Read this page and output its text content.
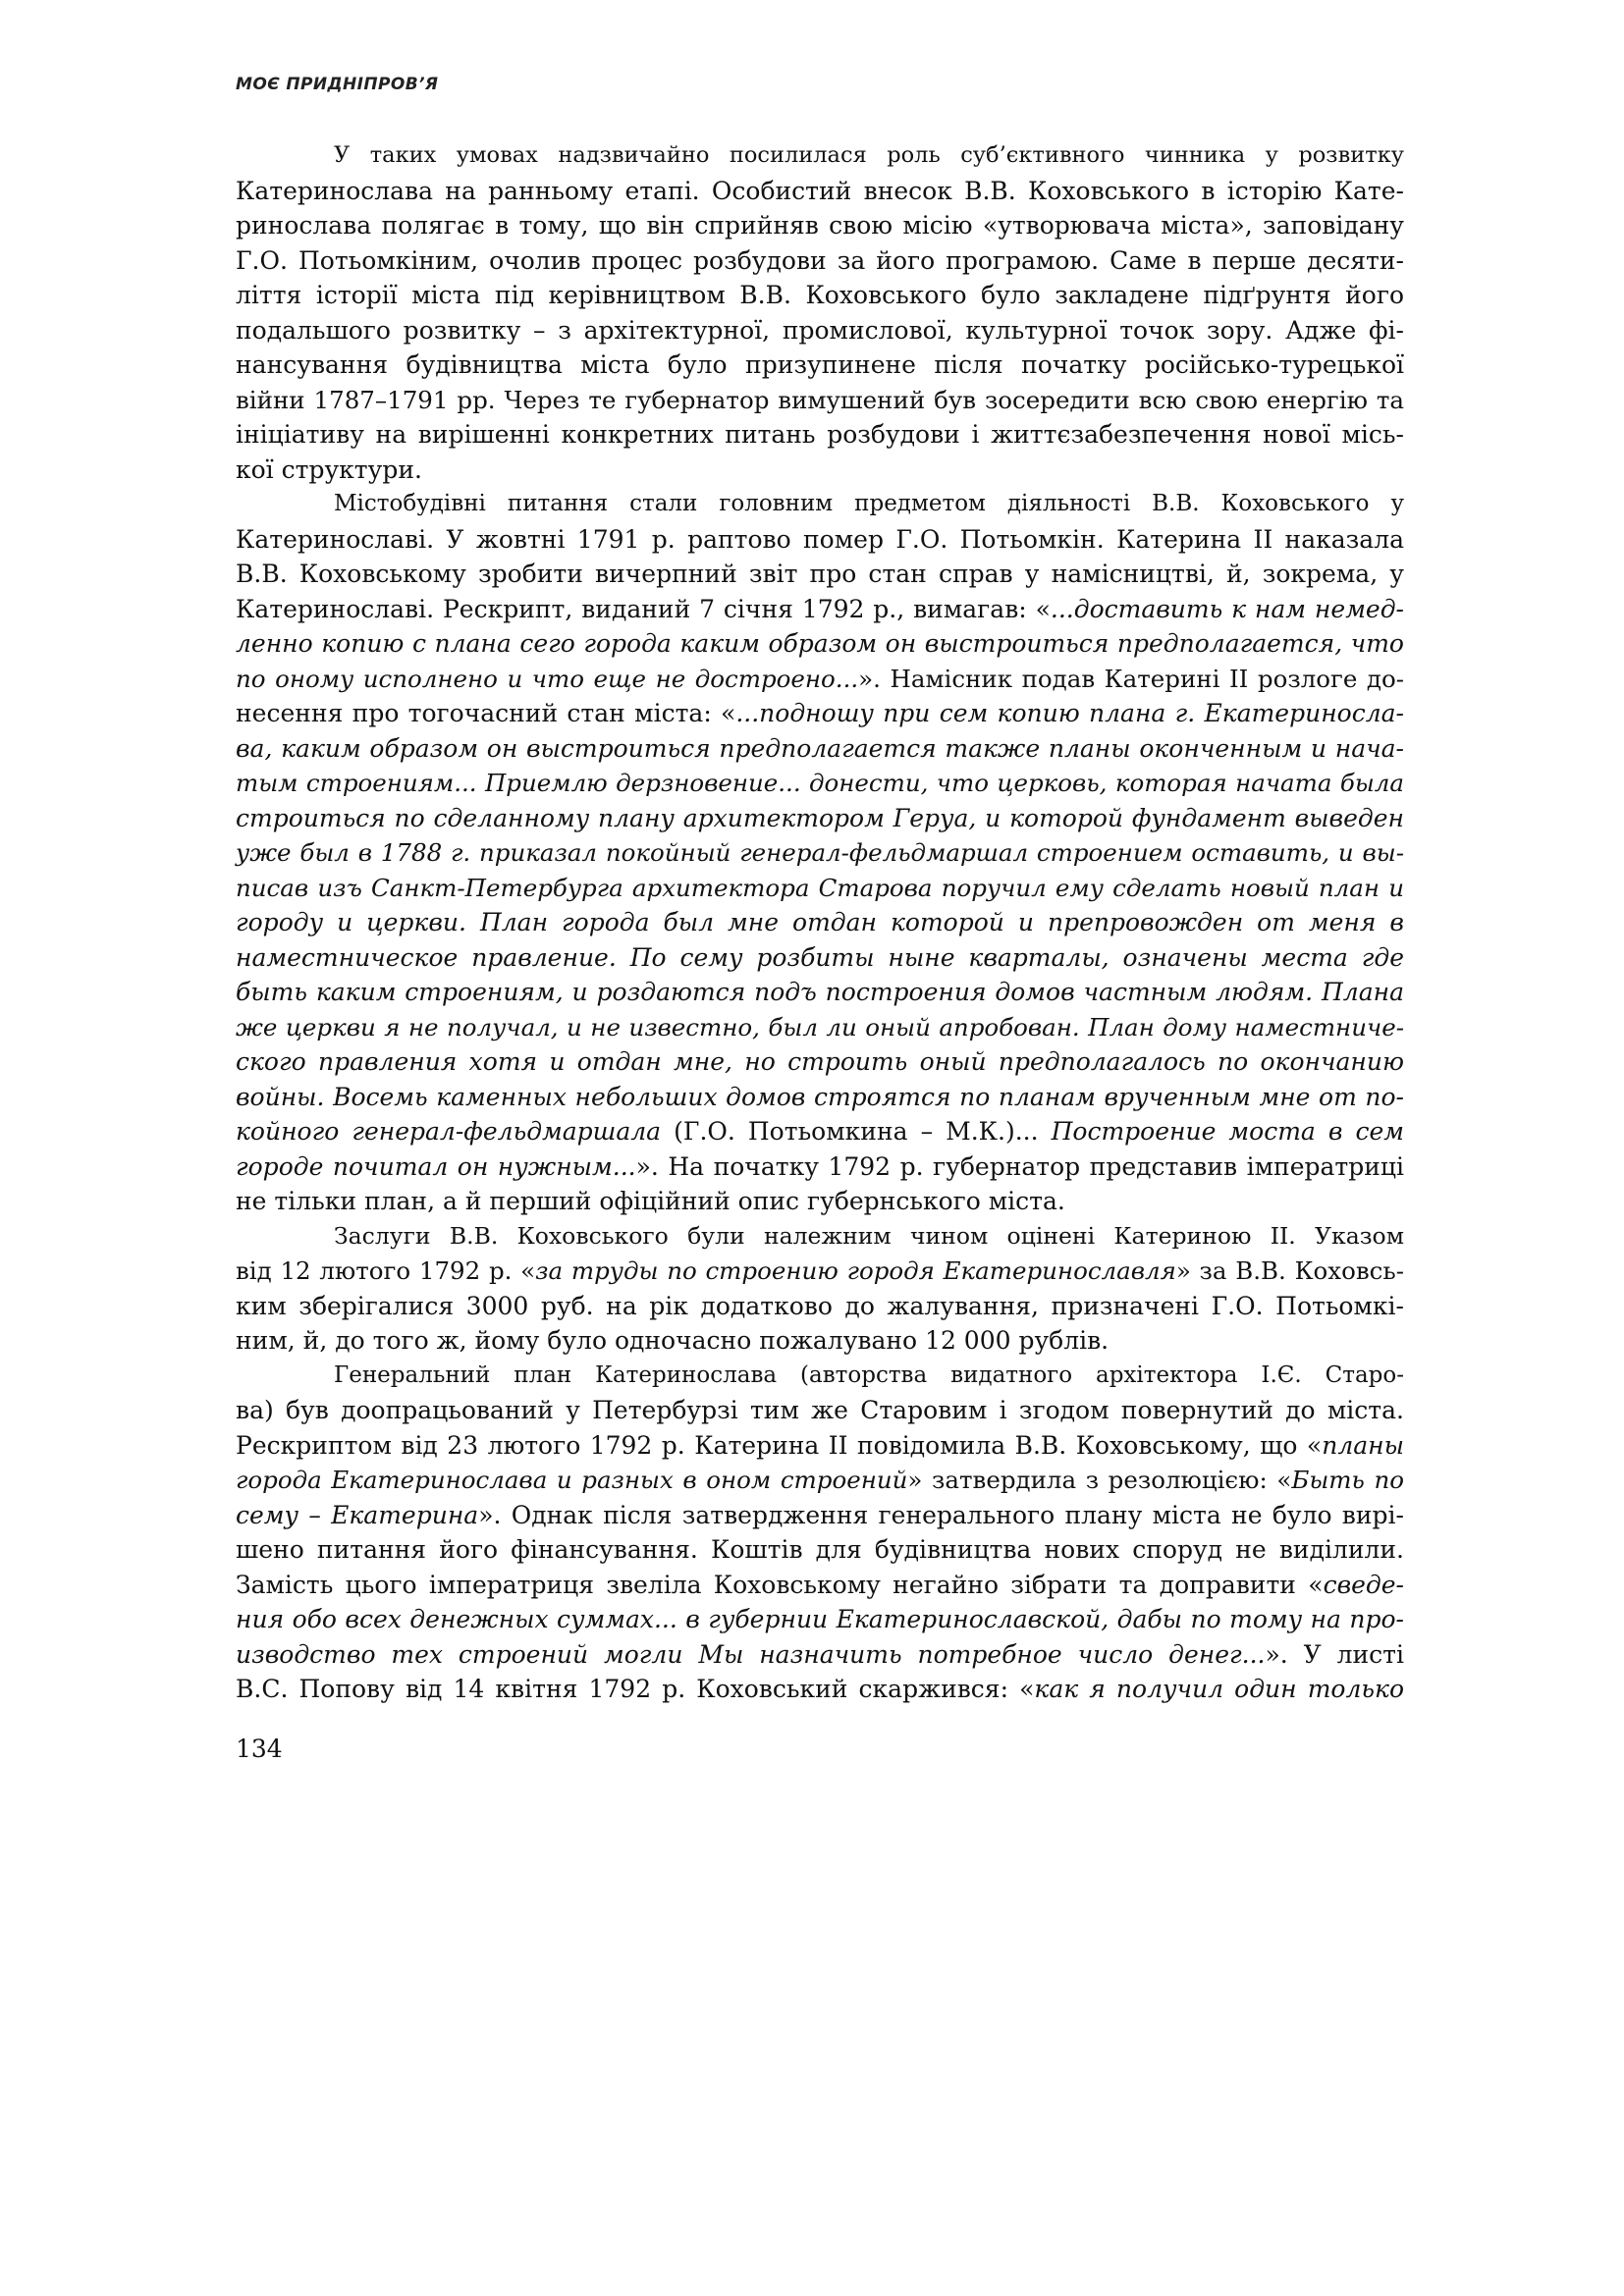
МОЄ ПРИДНІПРОВ’Я
У таких умовах надзвичайно посилилася роль суб’єктивного чинника у розвитку
Катеринослава на ранньому етапі. Особистий внесок В.В. Коховського в історію Кате-
ринослава полягає в тому, що він сприйняв свою місію «утворювача міста», заповідану
Г.О. Потьомкіним, очолив процес розбудови за його програмою. Саме в перше десяти-
ліття історії міста під керівництвом В.В. Коховського було закладене підґрунтя його
подальшого розвитку – з архітектурної, промислової, культурної точок зору. Адже фі-
нансування будівництва міста було призупинене після початку російсько-турецької
війни 1787–1791 рр. Через те губернатор вимушений був зосередити всю свою енергію та
ініціативу на вирішенні конкретних питань розбудови і життєзабезпечення нової місь-
кої структури.
Містобудівні питання стали головним предметом діяльності В.В. Коховського у
Катеринославі. У жовтні 1791 р. раптово помер Г.О. Потьомкін. Катерина II наказала
В.В. Коховському зробити вичерпний звіт про стан справ у намісництві, й, зокрема, у
Катеринославі. Рескрипт, виданий 7 січня 1792 р., вимагав: «...доставить к нам немед-
ленно копию с плана сего города каким образом он выстроиться предполагается, что
по оному исполнено и что еще не достроено...». Намісник подав Катерині II розлоге до-
несення про тогочасний стан міста: «...подношу при сем копию плана г. Екатериносла-
ва, каким образом он выстроиться предполагается также планы оконченным и нача-
тым строениям... Приемлю дерзновение... донести, что церковь, которая начата была
строиться по сделанному плану архитектором Геруа, и которой фундамент выведен
уже был в 1788 г. приказал покойный генерал-фельдмаршал строением оставить, и вы-
писав изъ Санкт-Петербурга архитектора Старова поручил ему сделать новый план и
городу и церкви. План города был мне отдан которой и препровожден от меня в
наместническое правление. По сему розбиты ныне кварталы, означены места где
быть каким строениям, и роздаются подъ построения домов частным людям. Плана
же церкви я не получал, и не известно, был ли оный апробован. План дому наместниче-
ского правления хотя и отдан мне, но строить оный предполагалось по окончанию
войны. Восемь каменных небольших домов строятся по планам врученным мне от по-
койного генерал-фельдмаршала (Г.О. Потьомкина – М.К.)... Построение моста в сем
городе почитал он нужным...». На початку 1792 р. губернатор представив імператриці
не тільки план, а й перший офіційний опис губернського міста.
Заслуги В.В. Коховського були належним чином оцінені Катериною II. Указом
від 12 лютого 1792 р. «за труды по строению городя Екатеринославля» за В.В. Коховсь-
ким зберігалися 3000 руб. на рік додатково до жалування, призначені Г.О. Потьомкі-
ним, й, до того ж, йому було одночасно пожалувано 12 000 рублів.
Генеральний план Катеринослава (авторства видатного архітектора І.Є. Старо-
ва) був доопрацьований у Петербурзі тим же Старовим і згодом повернутий до міста.
Рескриптом від 23 лютого 1792 р. Катерина II повідомила В.В. Коховському, що «планы
города Екатеринослава и разных в оном строений» затвердила з резолюцією: «Быть по
сему – Екатерина». Однак після затвердження генерального плану міста не було вирі-
шено питання його фінансування. Коштів для будівництва нових споруд не виділили.
Замість цього імператриця звеліла Коховському негайно зібрати та доправити «сведе-
ния обо всех денежных суммах... в губернии Екатеринославской, дабы по тому на про-
изводство тех строений могли Мы назначить потребное число денег...». У листі
В.С. Попову від 14 квітня 1792 р. Коховський скаржився: «как я получил один только
134
